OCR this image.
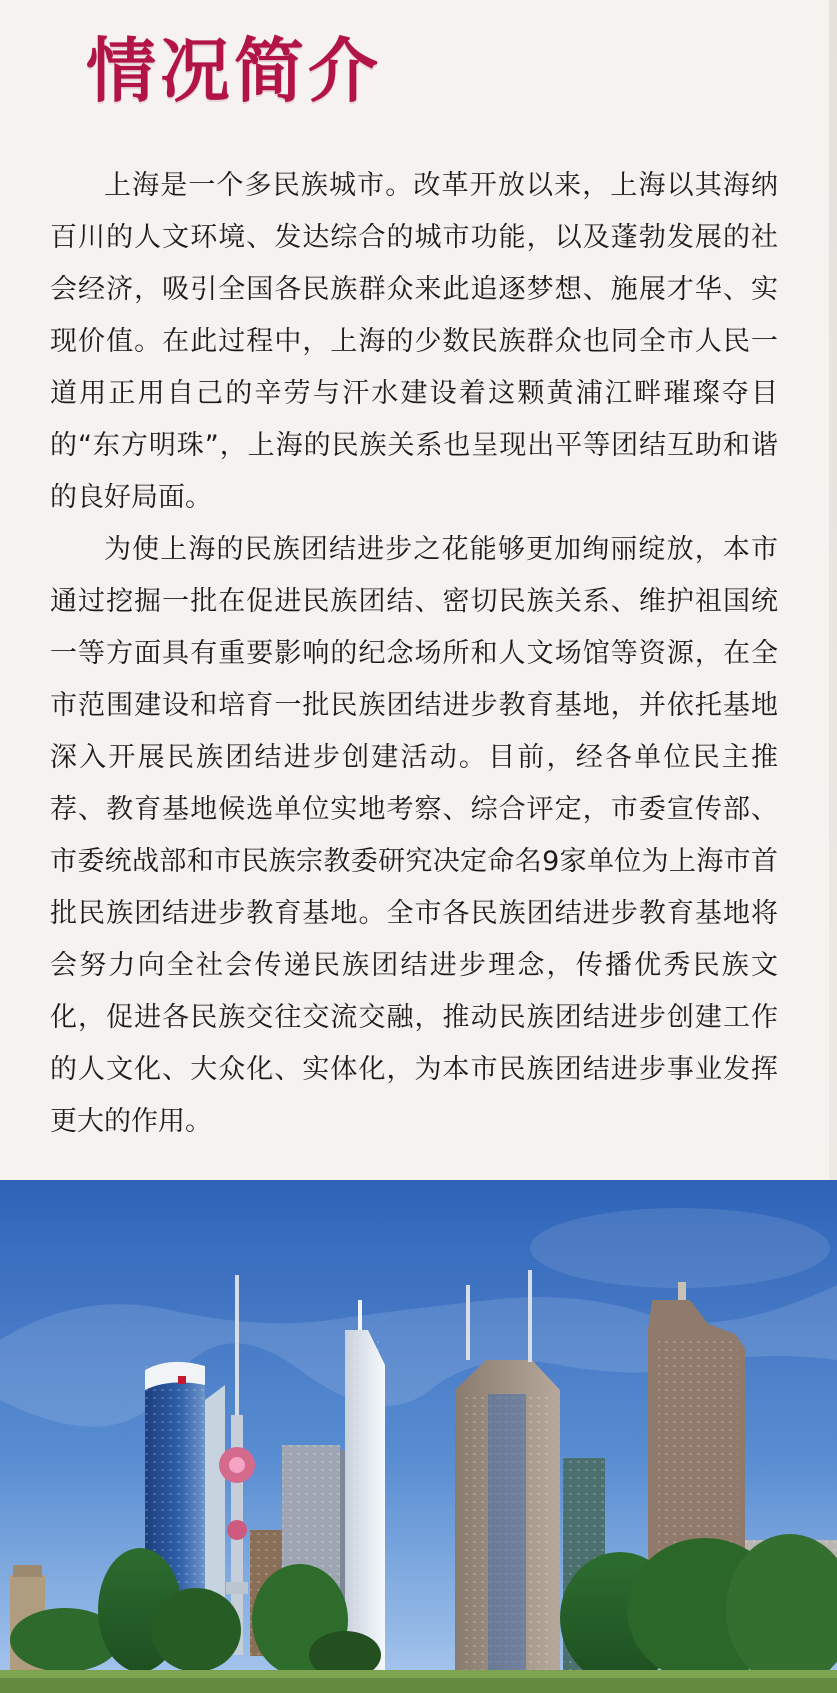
情况简介

上海是一个多民族城市。改革开放以来，上海以其海纳百川的人文环境、发达综合的城市功能，以及蓬勃发展的社会经济，吸引全国各民族群众来此追逐梦想、施展才华、实现价值。在此过程中，上海的少数民族群众也同全市人民一道用正用自己的辛劳与汗水建设着这颗黄浦江畔璀璨夺目的“东方明珠”，上海的民族关系也呈现出平等团结互助和谐的良好局面。

为使上海的民族团结进步之花能够更加绚丽绽放，本市通过挖掘一批在促进民族团结、密切民族关系、维护祖国统一等方面具有重要影响的纪念场所和人文场馆等资源，在全市范围建设和培育一批民族团结进步教育基地，并依托基地深入开展民族团结进步创建活动。目前，经各单位民主推荐、教育基地候选单位实地考察、综合评定，市委宣传部、市委统战部和市民族宗教委研究决定命名9家单位为上海市首批民族团结进步教育基地。全市各民族团结进步教育基地将会努力向全社会传递民族团结进步理念，传播优秀民族文化，促进各民族交往交流交融，推动民族团结进步创建工作的人文化、大众化、实体化，为本市民族团结进步事业发挥更大的作用。
